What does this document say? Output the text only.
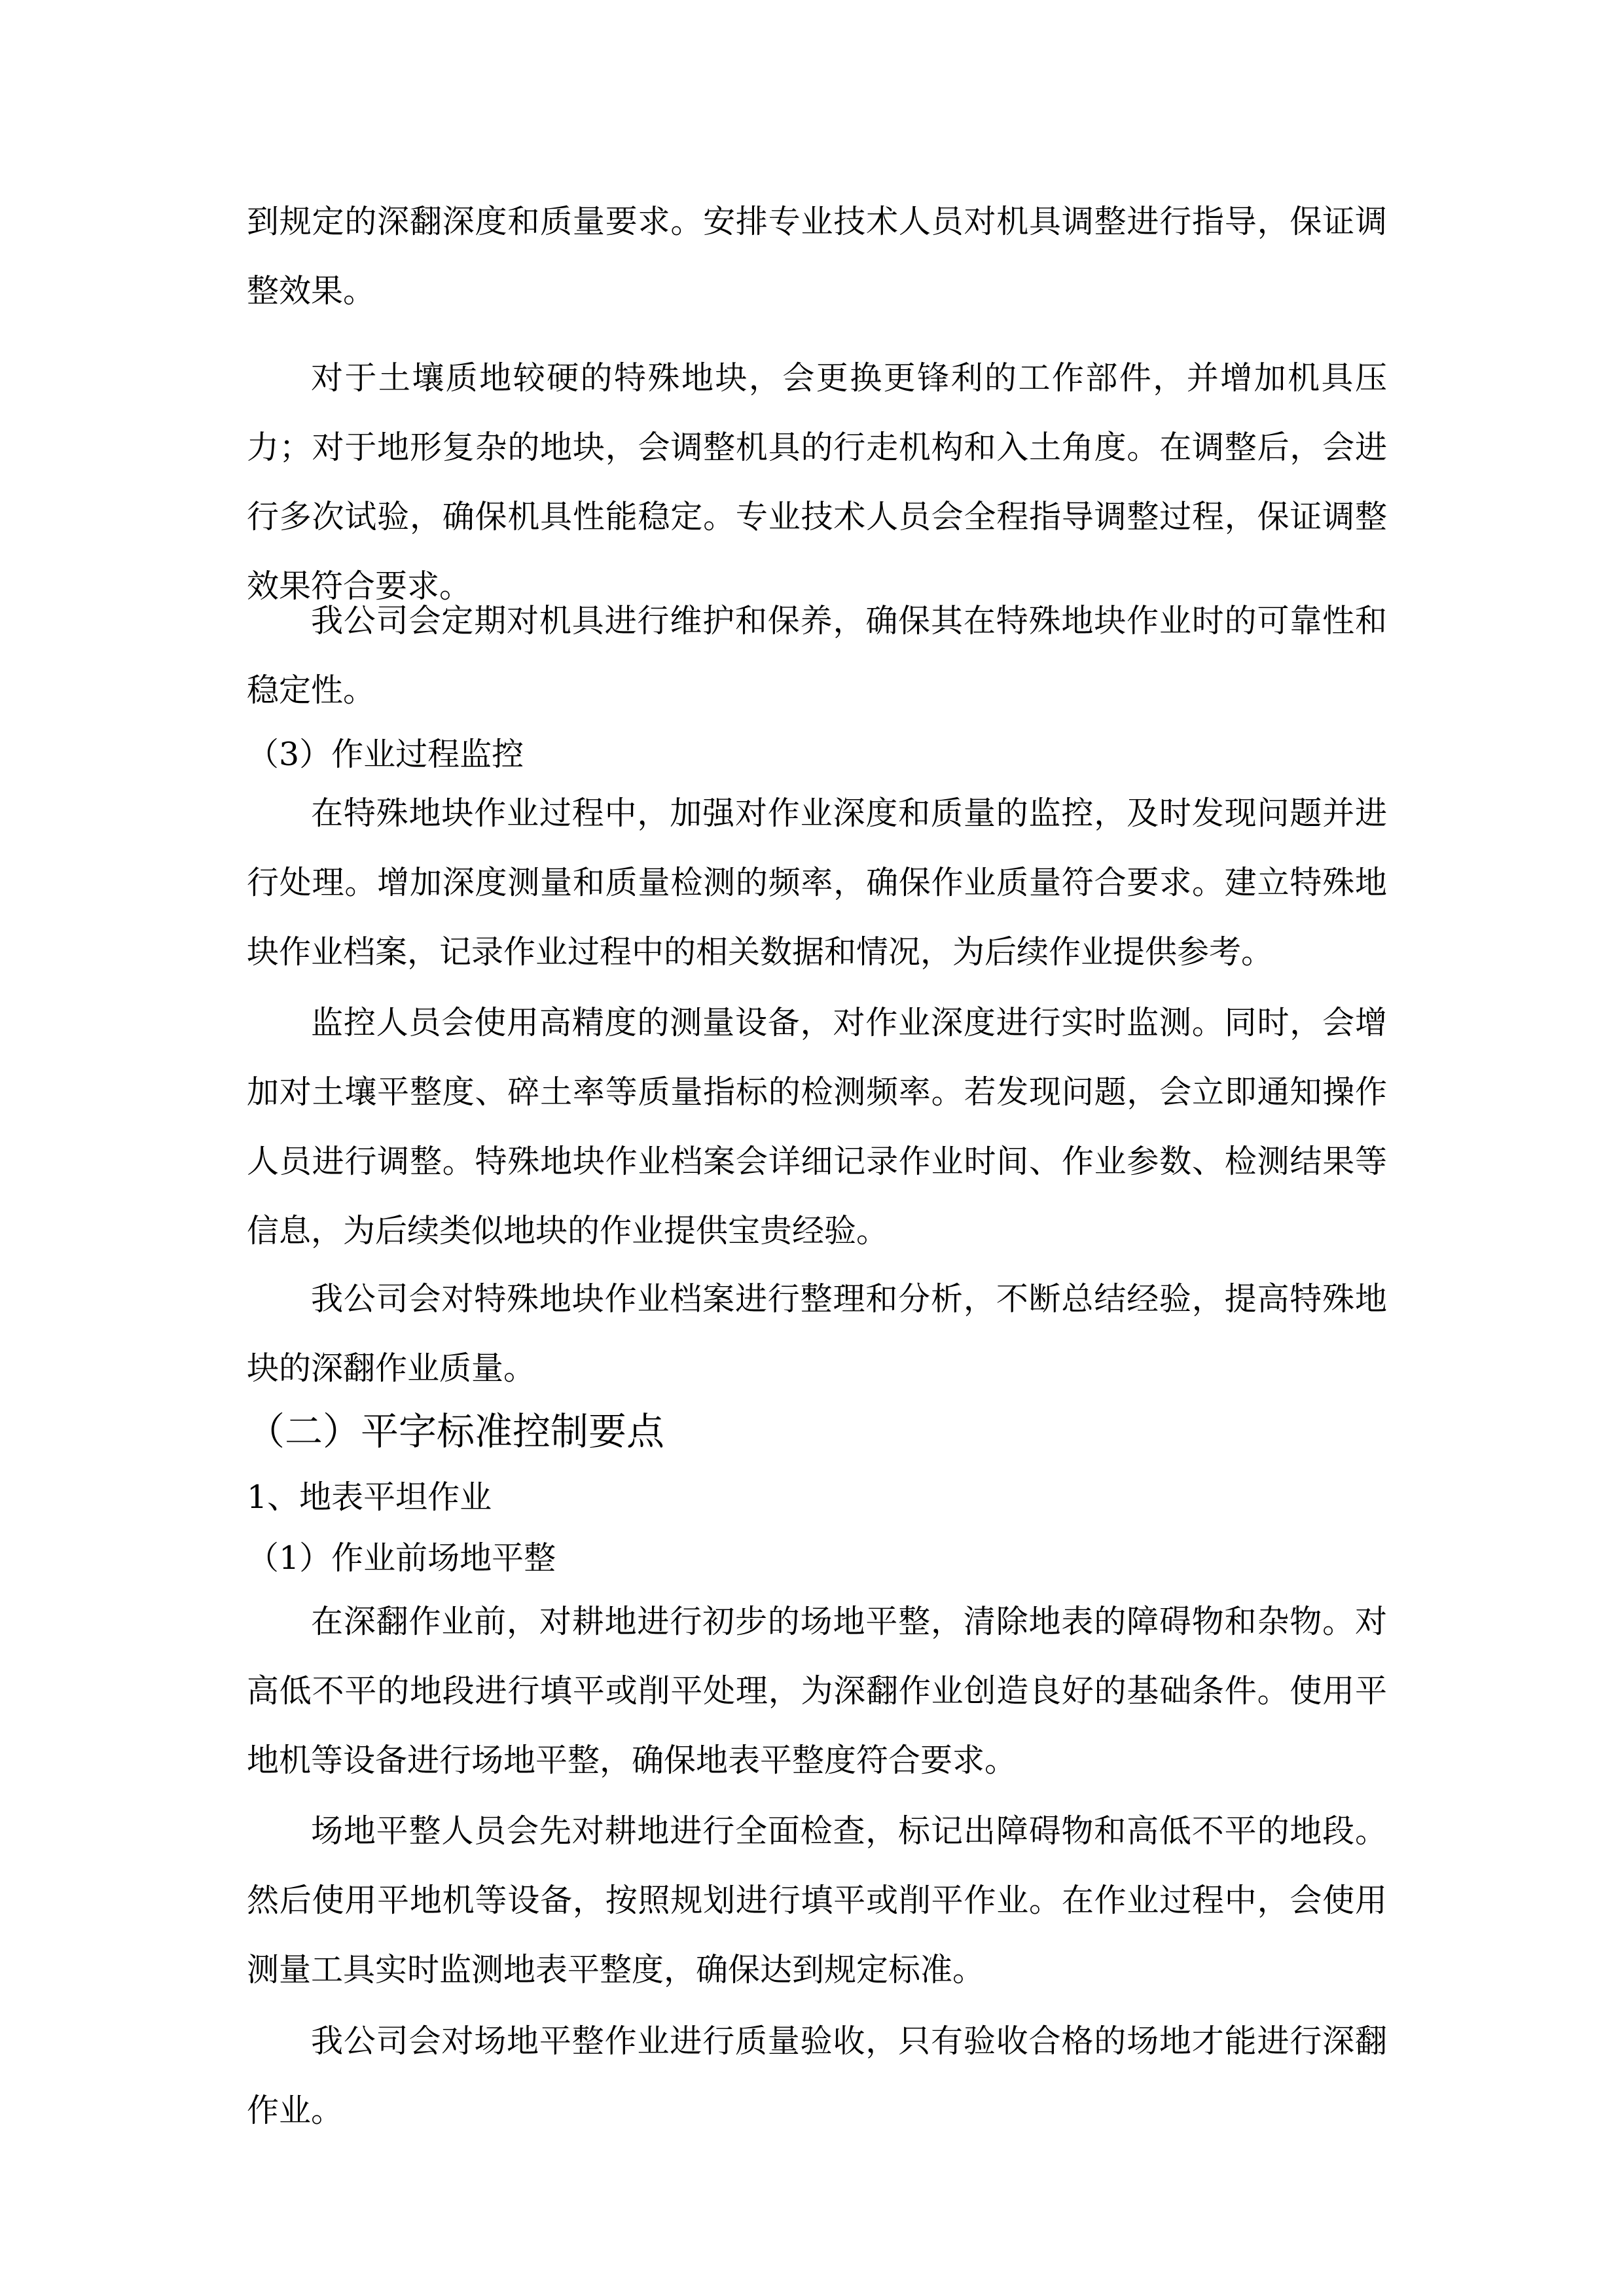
到规定的深翻深度和质量要求。安排专业技术人员对机具调整进行指导，保证调整效果。

对于土壤质地较硬的特殊地块，会更换更锋利的工作部件，并增加机具压力；对于地形复杂的地块，会调整机具的行走机构和入土角度。在调整后，会进行多次试验，确保机具性能稳定。专业技术人员会全程指导调整过程，保证调整效果符合要求。

我公司会定期对机具进行维护和保养，确保其在特殊地块作业时的可靠性和稳定性。

（3）作业过程监控

在特殊地块作业过程中，加强对作业深度和质量的监控，及时发现问题并进行处理。增加深度测量和质量检测的频率，确保作业质量符合要求。建立特殊地块作业档案，记录作业过程中的相关数据和情况，为后续作业提供参考。

监控人员会使用高精度的测量设备，对作业深度进行实时监测。同时，会增加对土壤平整度、碎土率等质量指标的检测频率。若发现问题，会立即通知操作人员进行调整。特殊地块作业档案会详细记录作业时间、作业参数、检测结果等信息，为后续类似地块的作业提供宝贵经验。

我公司会对特殊地块作业档案进行整理和分析，不断总结经验，提高特殊地块的深翻作业质量。

（二）平字标准控制要点

1、地表平坦作业

（1）作业前场地平整

在深翻作业前，对耕地进行初步的场地平整，清除地表的障碍物和杂物。对高低不平的地段进行填平或削平处理，为深翻作业创造良好的基础条件。使用平地机等设备进行场地平整，确保地表平整度符合要求。

场地平整人员会先对耕地进行全面检查，标记出障碍物和高低不平的地段。然后使用平地机等设备，按照规划进行填平或削平作业。在作业过程中，会使用测量工具实时监测地表平整度，确保达到规定标准。

我公司会对场地平整作业进行质量验收，只有验收合格的场地才能进行深翻作业。
